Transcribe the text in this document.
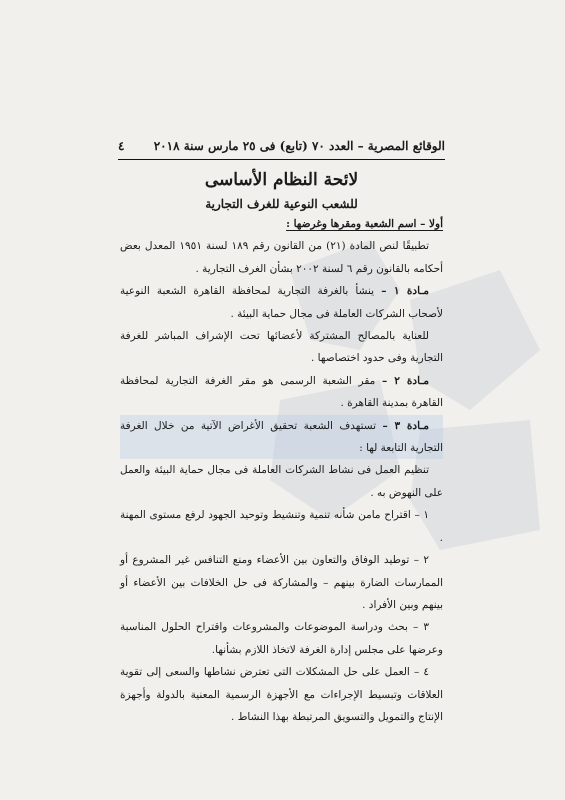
الوقائع المصرية – العدد ٧٠ (تابع) فى ٢٥ مارس سنة ٢٠١٨
٤
لائحة النظام الأساسى
للشعب النوعية للغرف التجارية

أولا – اسم الشعبة ومقرها وغرضها :

تطبيقًا لنص المادة (٢١) من القانون رقم ١٨٩ لسنة ١٩٥١ المعدل بعض أحكامه بالقانون رقم ٦ لسنة ٢٠٠٢ بشأن الغرف التجارية .

مـادة ١ – ينشأ بالغرفة التجارية لمحافظة القاهرة الشعبة النوعية لأصحاب الشركات العاملة فى مجال حماية البيئة .

للعناية بالمصالح المشتركة لأعضائها تحت الإشراف المباشر للغرفة التجارية وفى حدود اختصاصها .

مـادة ٢ – مقر الشعبة الرسمى هو مقر الغرفة التجارية لمحافظة القاهرة بمدينة القاهرة .

مـادة ٣ – تستهدف الشعبة تحقيق الأغراض الآتية من خلال الغرفة التجارية التابعة لها :

تنظيم العمل فى نشاط الشركات العاملة فى مجال حماية البيئة والعمل على النهوض به .

١ – اقتراح مامن شأنه تنمية وتنشيط وتوحيد الجهود لرفع مستوى المهنة .

٢ – توطيد الوفاق والتعاون بين الأعضاء ومنع التنافس غير المشروع أو الممارسات الضارة بينهم – والمشاركة فى حل الخلافات بين الأعضاء أو بينهم وبين الأفراد .

٣ – بحث ودراسة الموضوعات والمشروعات واقتراح الحلول المناسبة وعرضها على مجلس إدارة الغرفة لاتخاذ اللازم بشأنها.

٤ – العمل على حل المشكلات التى تعترض نشاطها والسعى إلى تقوية العلاقات وتبسيط الإجراءات مع الأجهزة الرسمية المعنية بالدولة وأجهزة الإنتاج والتمويل والتسويق المرتبطة بهذا النشاط .
